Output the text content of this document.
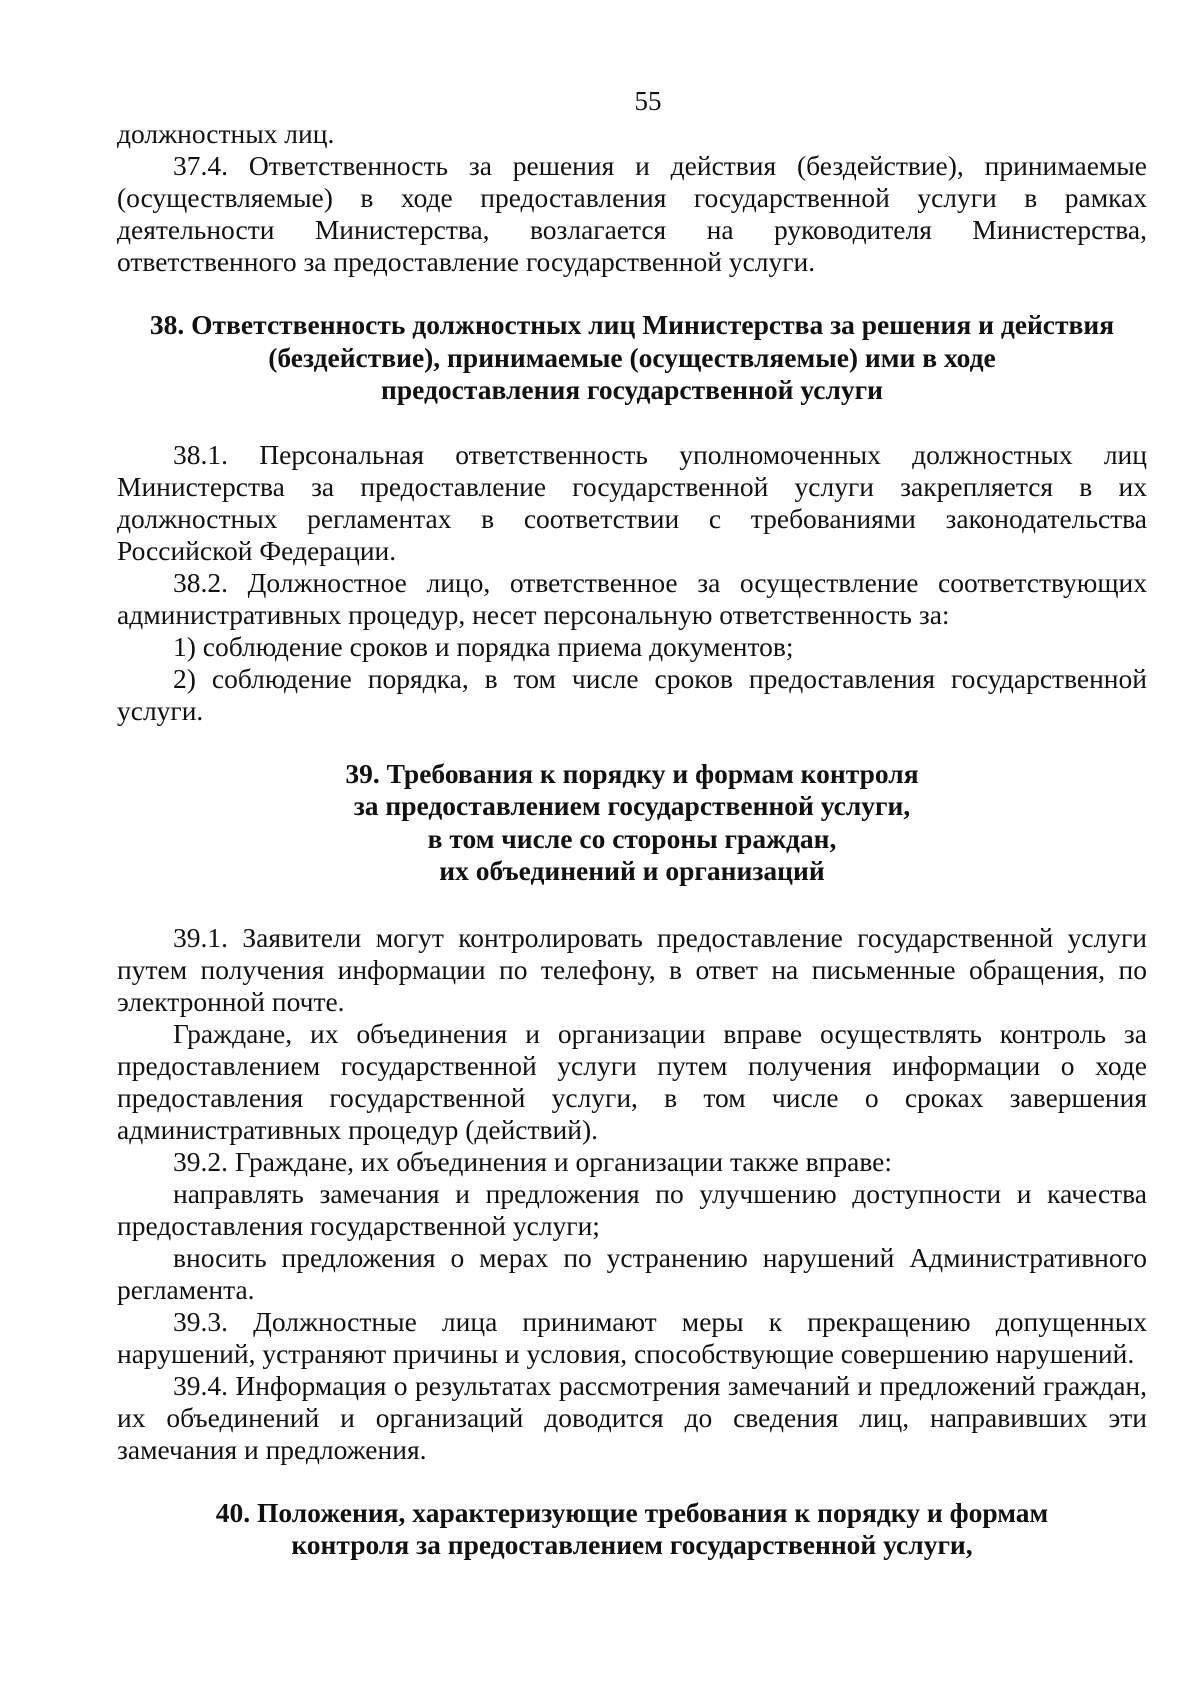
55

должностных лиц.

37.4. Ответственность за решения и действия (бездействие), принимаемые (осуществляемые) в ходе предоставления государственной услуги в рамках деятельности Министерства, возлагается на руководителя Министерства, ответственного за предоставление государственной услуги.

38. Ответственность должностных лиц Министерства за решения и действия
(бездействие), принимаемые (осуществляемые) ими в ходе
предоставления государственной услуги

38.1. Персональная ответственность уполномоченных должностных лиц Министерства за предоставление государственной услуги закрепляется в их должностных регламентах в соответствии с требованиями законодательства Российской Федерации.

38.2. Должностное лицо, ответственное за осуществление соответствующих административных процедур, несет персональную ответственность за:

1) соблюдение сроков и порядка приема документов;

2) соблюдение порядка, в том числе сроков предоставления государственной услуги.

39. Требования к порядку и формам контроля
за предоставлением государственной услуги,
в том числе со стороны граждан,
их объединений и организаций

39.1. Заявители могут контролировать предоставление государственной услуги путем получения информации по телефону, в ответ на письменные обращения, по электронной почте.

Граждане, их объединения и организации вправе осуществлять контроль за предоставлением государственной услуги путем получения информации о ходе предоставления государственной услуги, в том числе о сроках завершения административных процедур (действий).

39.2. Граждане, их объединения и организации также вправе:

направлять замечания и предложения по улучшению доступности и качества предоставления государственной услуги;

вносить предложения о мерах по устранению нарушений Административного регламента.

39.3. Должностные лица принимают меры к прекращению допущенных нарушений, устраняют причины и условия, способствующие совершению нарушений.

39.4. Информация о результатах рассмотрения замечаний и предложений граждан, их объединений и организаций доводится до сведения лиц, направивших эти замечания и предложения.

40. Положения, характеризующие требования к порядку и формам
контроля за предоставлением государственной услуги,
